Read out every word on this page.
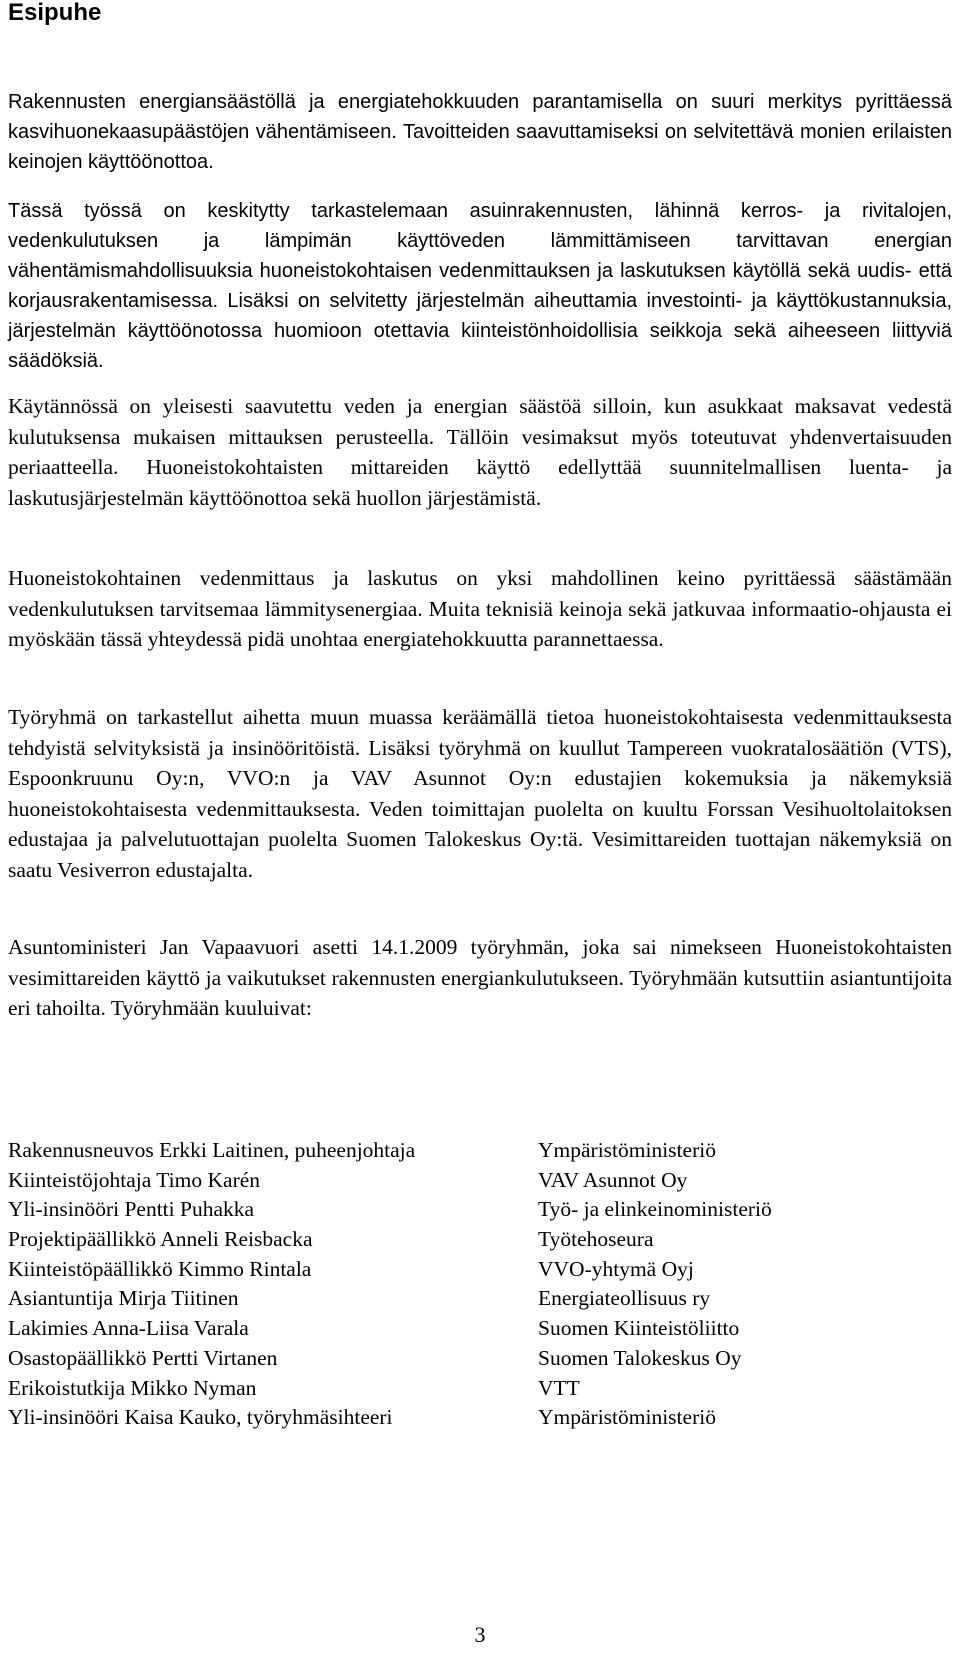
Esipuhe

Rakennusten energiansäästöllä ja energiatehokkuuden parantamisella on suuri merkitys pyrittäessä kasvihuonekaasupäästöjen vähentämiseen. Tavoitteiden saavuttamiseksi on selvitettävä monien erilaisten keinojen käyttöönottoa.

Tässä työssä on keskitytty tarkastelemaan asuinrakennusten, lähinnä kerros- ja rivitalojen, vedenkulutuksen ja lämpimän käyttöveden lämmittämiseen tarvittavan energian vähentämismahdollisuuksia huoneistokohtaisen vedenmittauksen ja laskutuksen käytöllä sekä uudis- että korjausrakentamisessa. Lisäksi on selvitetty järjestelmän aiheuttamia investointi- ja käyttökustannuksia, järjestelmän käyttöönotossa huomioon otettavia kiinteistönhoidollisia seikkoja sekä aiheeseen liittyviä säädöksiä.

Käytännössä on yleisesti saavutettu veden ja energian säästöä silloin, kun asukkaat maksavat vedestä kulutuksensa mukaisen mittauksen perusteella. Tällöin vesimaksut myös toteutuvat yhdenvertaisuuden periaatteella. Huoneistokohtaisten mittareiden käyttö edellyttää suunnitelmallisen luenta- ja laskutusjärjestelmän käyttöönottoa sekä huollon järjestämistä.

Huoneistokohtainen vedenmittaus ja laskutus on yksi mahdollinen keino pyrittäessä säästämään vedenkulutuksen tarvitsemaa lämmitysenergiaa. Muita teknisiä keinoja sekä jatkuvaa informaatio-ohjausta ei myöskään tässä yhteydessä pidä unohtaa energiatehokkuutta parannettaessa.

Työryhmä on tarkastellut aihetta muun muassa keräämällä tietoa huoneistokohtaisesta vedenmittauksesta tehdyistä selvityksistä ja insinööritöistä. Lisäksi työryhmä on kuullut Tampereen vuokratalosäätiön (VTS), Espoonkruunu Oy:n, VVO:n ja VAV Asunnot Oy:n edustajien kokemuksia ja näkemyksiä huoneistokohtaisesta vedenmittauksesta. Veden toimittajan puolelta on kuultu Forssan Vesihuoltolaitoksen edustajaa ja palvelutuottajan puolelta Suomen Talokeskus Oy:tä. Vesimittareiden tuottajan näkemyksiä on saatu Vesiverron edustajalta.

Asuntoministeri Jan Vapaavuori asetti 14.1.2009 työryhmän, joka sai nimekseen Huoneistokohtaisten vesimittareiden käyttö ja vaikutukset rakennusten energiankulutukseen. Työryhmään kutsuttiin asiantuntijoita eri tahoilta. Työryhmään kuuluivat:

Rakennusneuvos Erkki Laitinen, puheenjohtaja	Ympäristöministeriö
Kiinteistöjohtaja Timo Karén	VAV Asunnot Oy
Yli-insinööri Pentti Puhakka	Työ- ja elinkeinoministeriö
Projektipäällikkö Anneli Reisbacka	Työtehoseura
Kiinteistöpäällikkö Kimmo Rintala	VVO-yhtymä Oyj
Asiantuntija Mirja Tiitinen	Energiateollisuus ry
Lakimies Anna-Liisa Varala	Suomen Kiinteistöliitto
Osastopäällikkö Pertti Virtanen	Suomen Talokeskus Oy
Erikoistutkija Mikko Nyman	VTT
Yli-insinööri Kaisa Kauko, työryhmäsihteeri	Ympäristöministeriö
3
